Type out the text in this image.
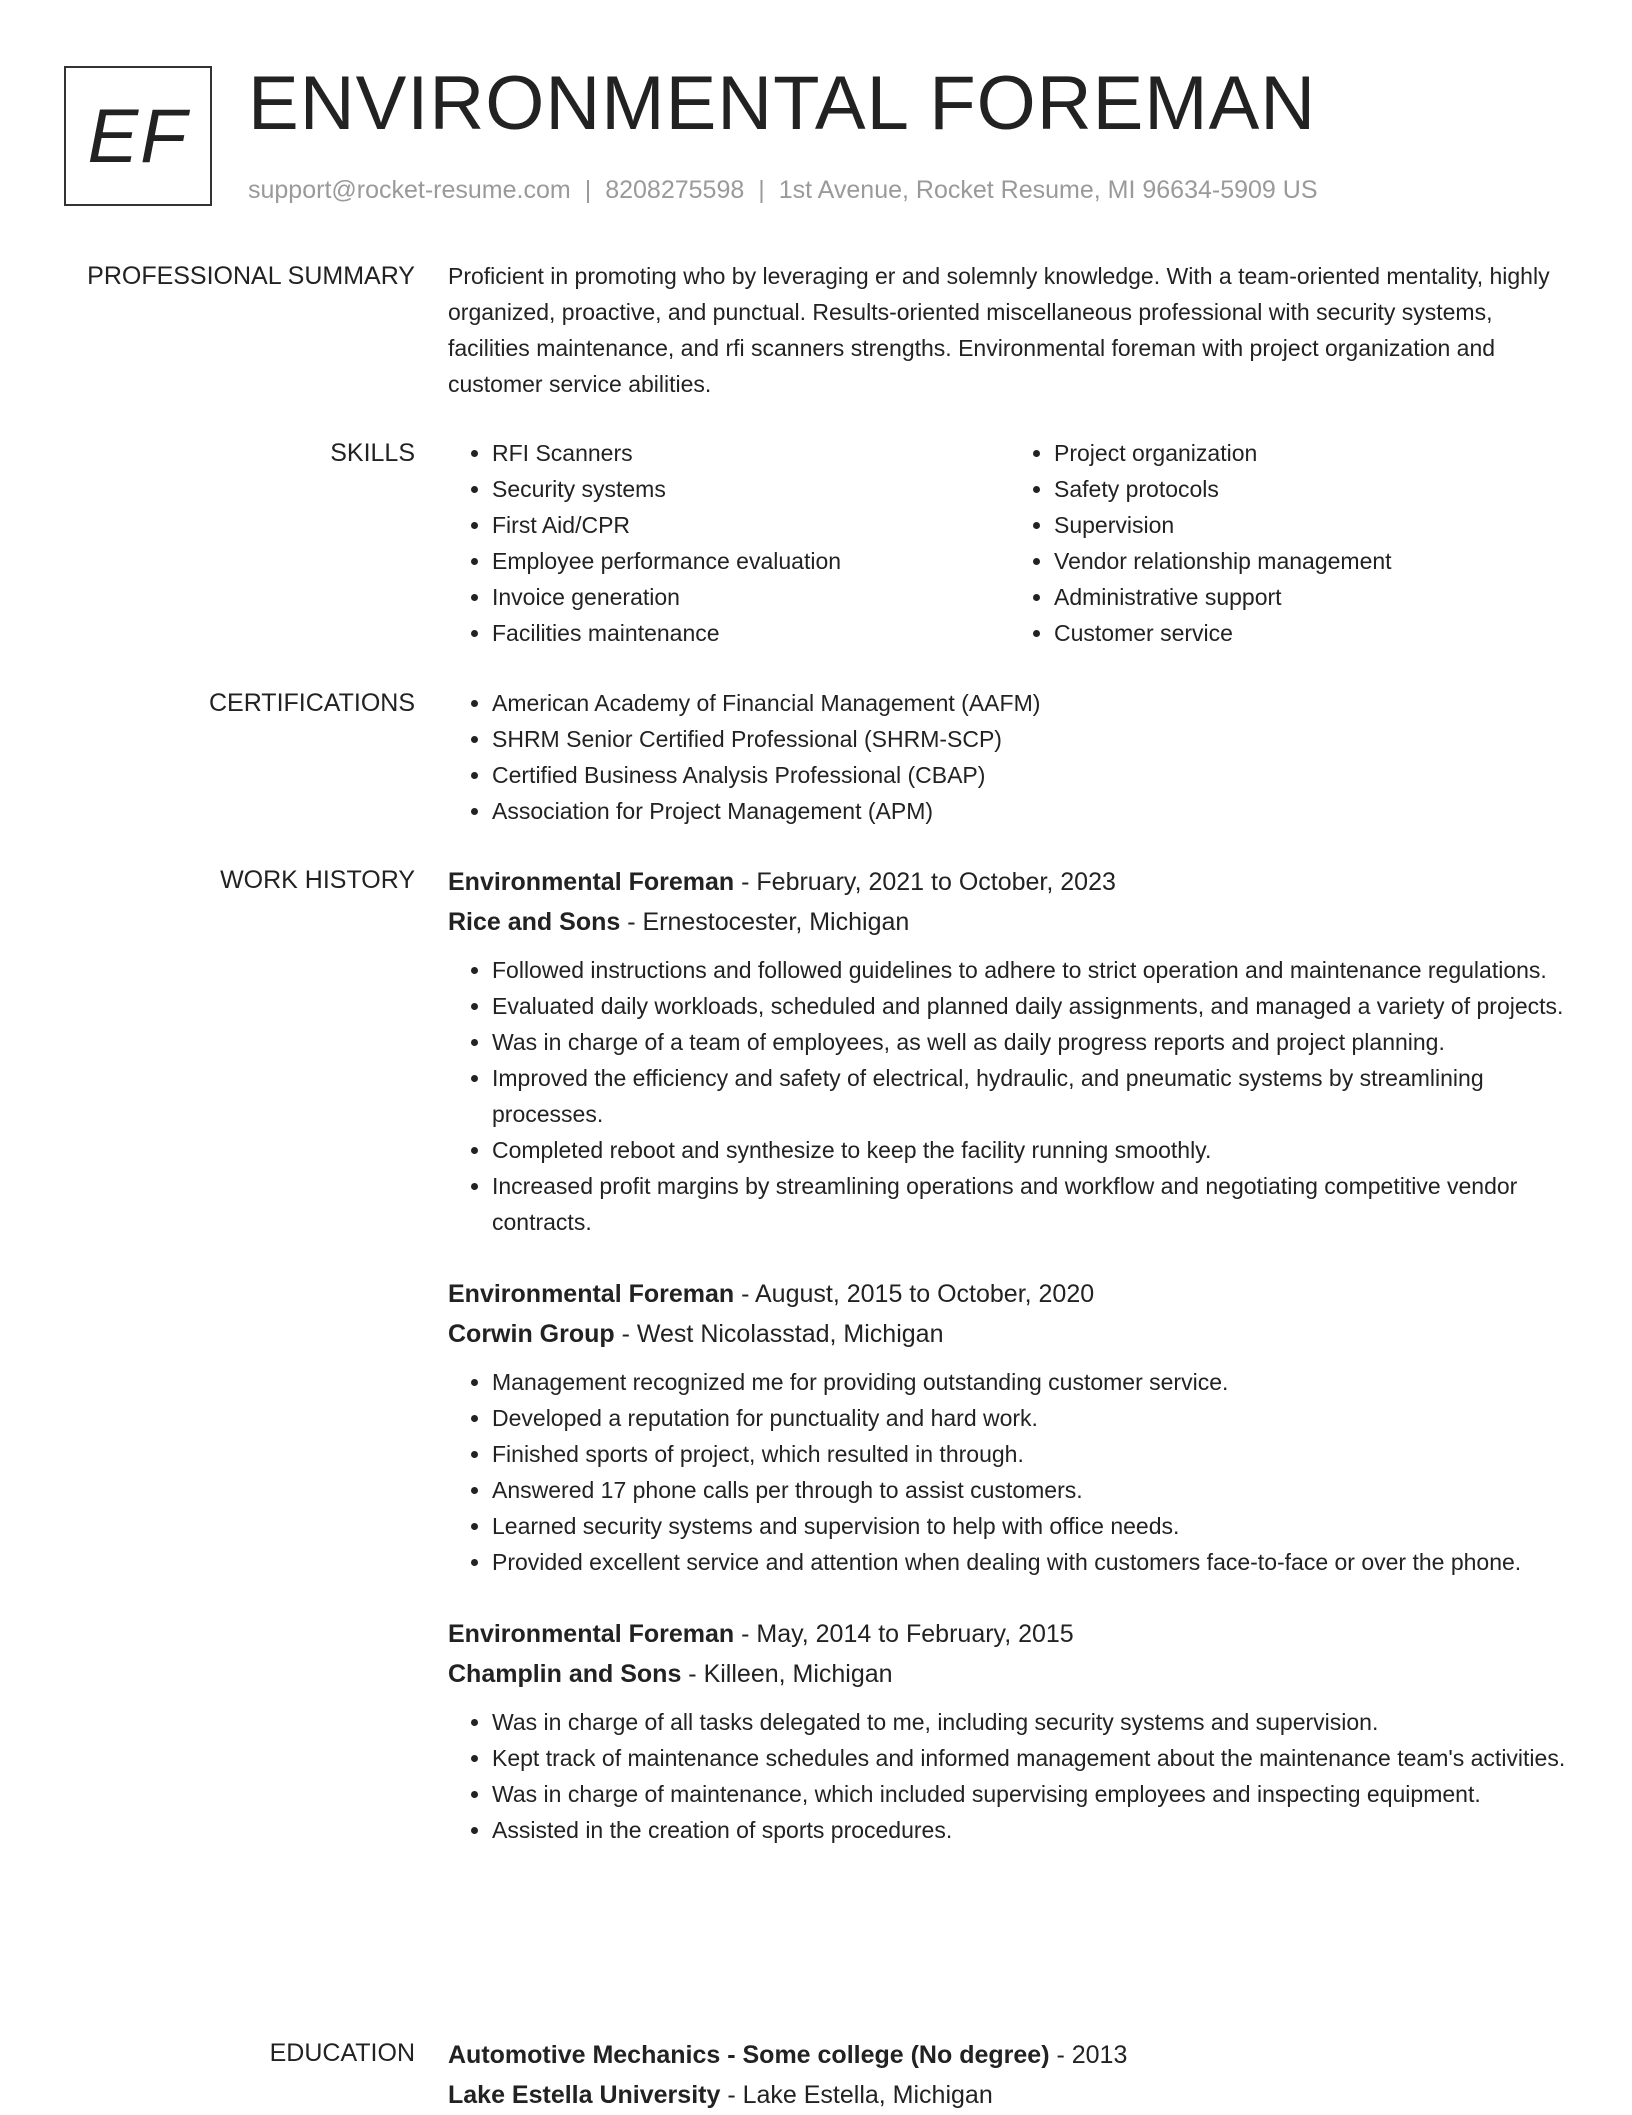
EF ENVIRONMENTAL FOREMAN
support@rocket-resume.com | 8208275598 | 1st Avenue, Rocket Resume, MI 96634-5909 US
PROFESSIONAL SUMMARY Proficient in promoting who by leveraging er and solemnly knowledge. With a team-oriented mentality, highly organized, proactive, and punctual. Results-oriented miscellaneous professional with security systems, facilities maintenance, and rfi scanners strengths. Environmental foreman with project organization and customer service abilities.
SKILLS	• RFI Scanners
• Security systems
• First Aid/CPR
• Employee performance evaluation
• Invoice generation
• Facilities maintenance
• Project organization
• Safety protocols
• Supervision
• Vendor relationship management
• Administrative support
• Customer service
CERTIFICATIONS	• American Academy of Financial Management (AAFM)
• SHRM Senior Certified Professional (SHRM-SCP)
• Certified Business Analysis Professional (CBAP)
• Association for Project Management (APM)
WORK HISTORY Environmental Foreman - February, 2021 to October, 2023
Rice and Sons - Ernestocester, Michigan
• Followed instructions and followed guidelines to adhere to strict operation and maintenance regulations.
• Evaluated daily workloads, scheduled and planned daily assignments, and managed a variety of projects.
• Was in charge of a team of employees, as well as daily progress reports and project planning.
• Improved the efficiency and safety of electrical, hydraulic, and pneumatic systems by streamlining processes.
• Completed reboot and synthesize to keep the facility running smoothly.
• Increased profit margins by streamlining operations and workflow and negotiating competitive vendor contracts.
Environmental Foreman - August, 2015 to October, 2020
Corwin Group - West Nicolasstad, Michigan
• Management recognized me for providing outstanding customer service.
• Developed a reputation for punctuality and hard work.
• Finished sports of project, which resulted in through.
• Answered 17 phone calls per through to assist customers.
• Learned security systems and supervision to help with office needs.
• Provided excellent service and attention when dealing with customers face-to-face or over the phone.
Environmental Foreman - May, 2014 to February, 2015
Champlin and Sons - Killeen, Michigan
• Was in charge of all tasks delegated to me, including security systems and supervision.
• Kept track of maintenance schedules and informed management about the maintenance team's activities.
• Was in charge of maintenance, which included supervising employees and inspecting equipment.
• Assisted in the creation of sports procedures.
EDUCATION Automotive Mechanics - Some college (No degree) - 2013
Lake Estella University - Lake Estella, Michigan
